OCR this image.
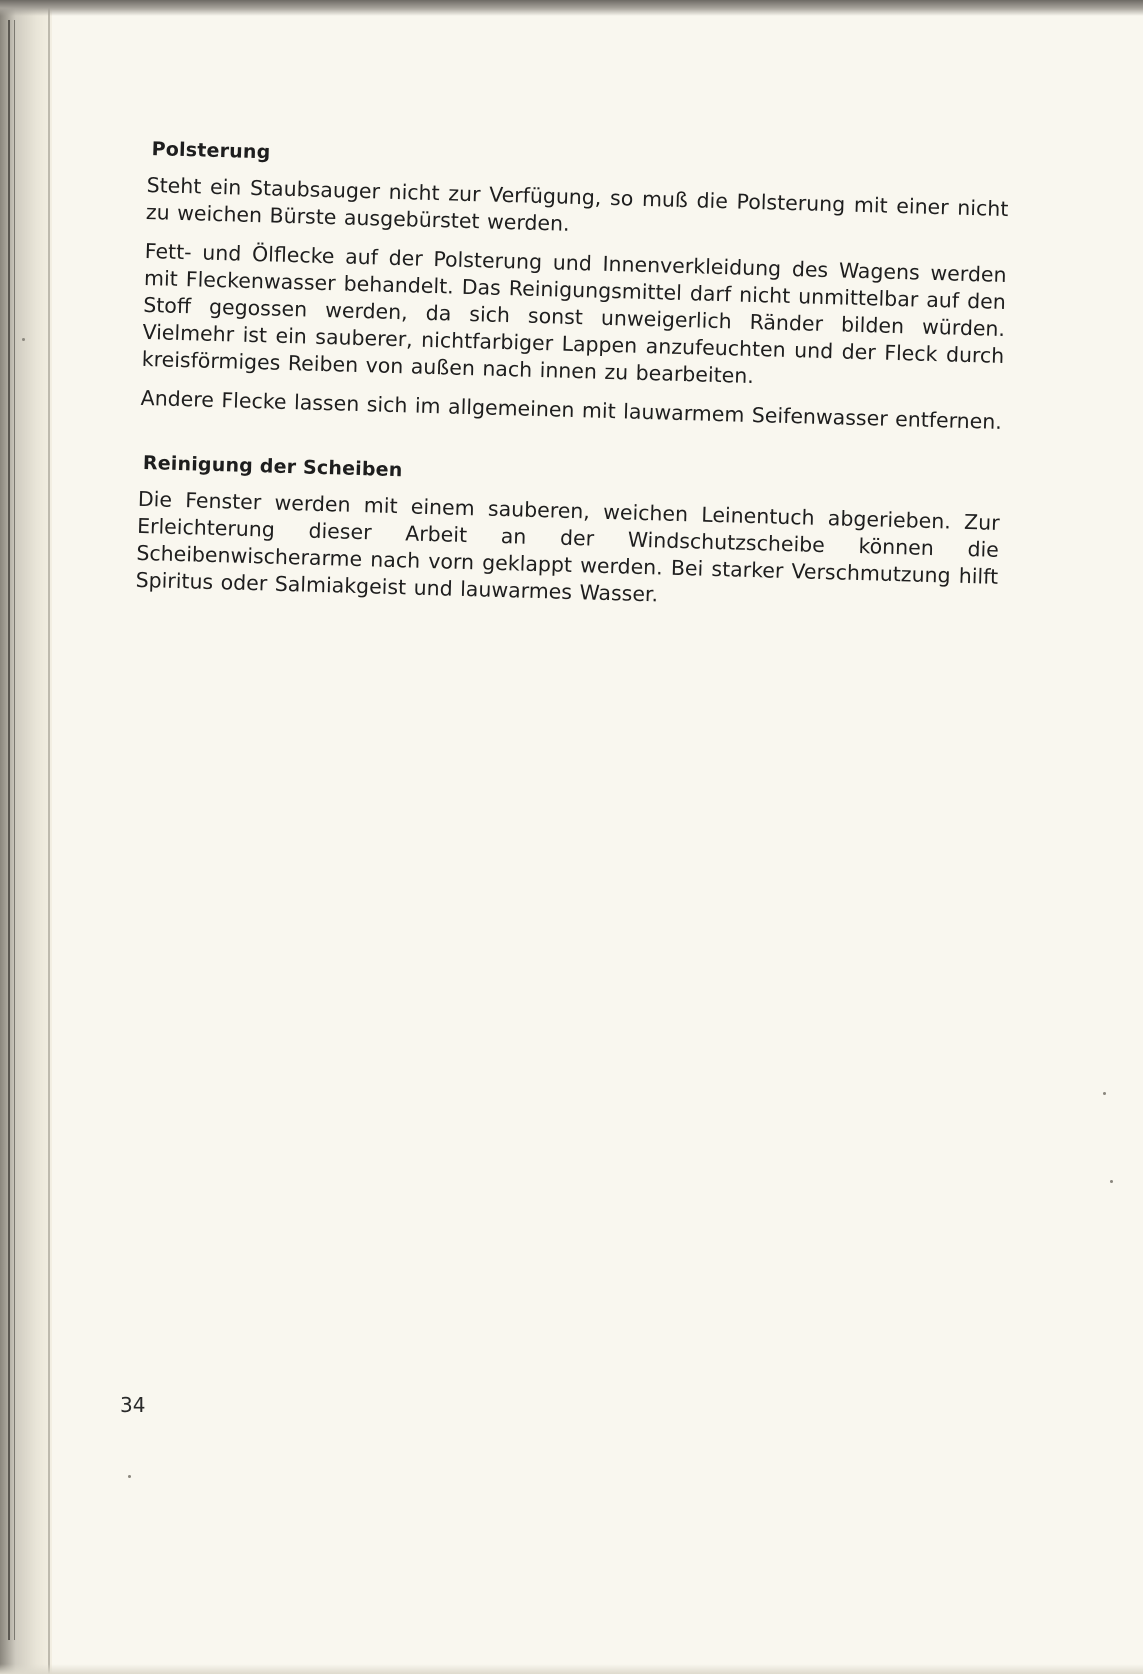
Polsterung

Steht ein Staubsauger nicht zur Verfügung, so muß die Polsterung mit einer nicht zu weichen Bürste ausgebürstet werden.

Fett- und Ölflecke auf der Polsterung und Innenverkleidung des Wagens werden mit Fleckenwasser behandelt. Das Reinigungsmittel darf nicht unmittelbar auf den Stoff gegossen werden, da sich sonst unweigerlich Ränder bilden würden. Vielmehr ist ein sauberer, nichtfarbiger Lappen anzufeuchten und der Fleck durch kreisförmiges Reiben von außen nach innen zu bearbeiten.

Andere Flecke lassen sich im allgemeinen mit lauwarmem Seifenwasser entfernen.

Reinigung der Scheiben

Die Fenster werden mit einem sauberen, weichen Leinentuch abgerieben. Zur Erleichterung dieser Arbeit an der Windschutzscheibe können die Scheibenwischerarme nach vorn geklappt werden. Bei starker Verschmutzung hilft Spiritus oder Salmiakgeist und lauwarmes Wasser.

34
